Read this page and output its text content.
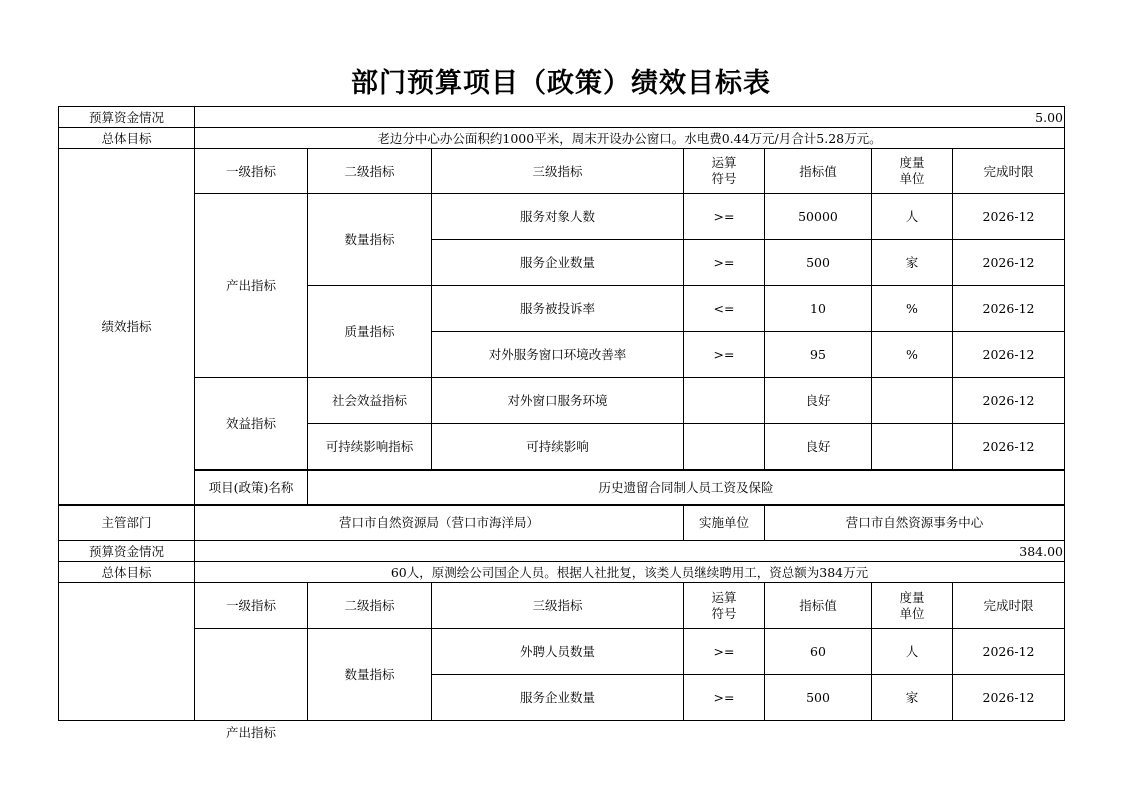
部门预算项目（政策）绩效目标表
预算资金情况	5.00						
总体目标	老边分中心办公面积约1000平米，周末开设办公窗口。水电费0.44万元/月合计5.28万元。						
绩效指标	一级指标	二级指标	三级指标	运算符号	指标值	度量单位	完成时限
	产出指标	数量指标	服务对象人数	>=	50000	人	2026-12
			服务企业数量	>=	500	家	2026-12
		质量指标	服务被投诉率	<=	10	%	2026-12
			对外服务窗口环境改善率	>=	95	%	2026-12
	效益指标	社会效益指标	对外窗口服务环境		良好		2026-12
		可持续影响指标	可持续影响		良好		2026-12
	项目(政策)名称	历史遗留合同制人员工资及保险					
主管部门	营口市自然资源局（营口市海洋局）			实施单位	营口市自然资源事务中心		
预算资金情况	384.00						
总体目标	60人，原测绘公司国企人员。根据人社批复，该类人员继续聘用工，资总额为384万元						
	一级指标	二级指标	三级指标	运算符号	指标值	度量单位	完成时限

	产出指标	数量指标	外聘人员数量	>=	60	人	2026-12
			服务企业数量	>=	500	家	2026-12
